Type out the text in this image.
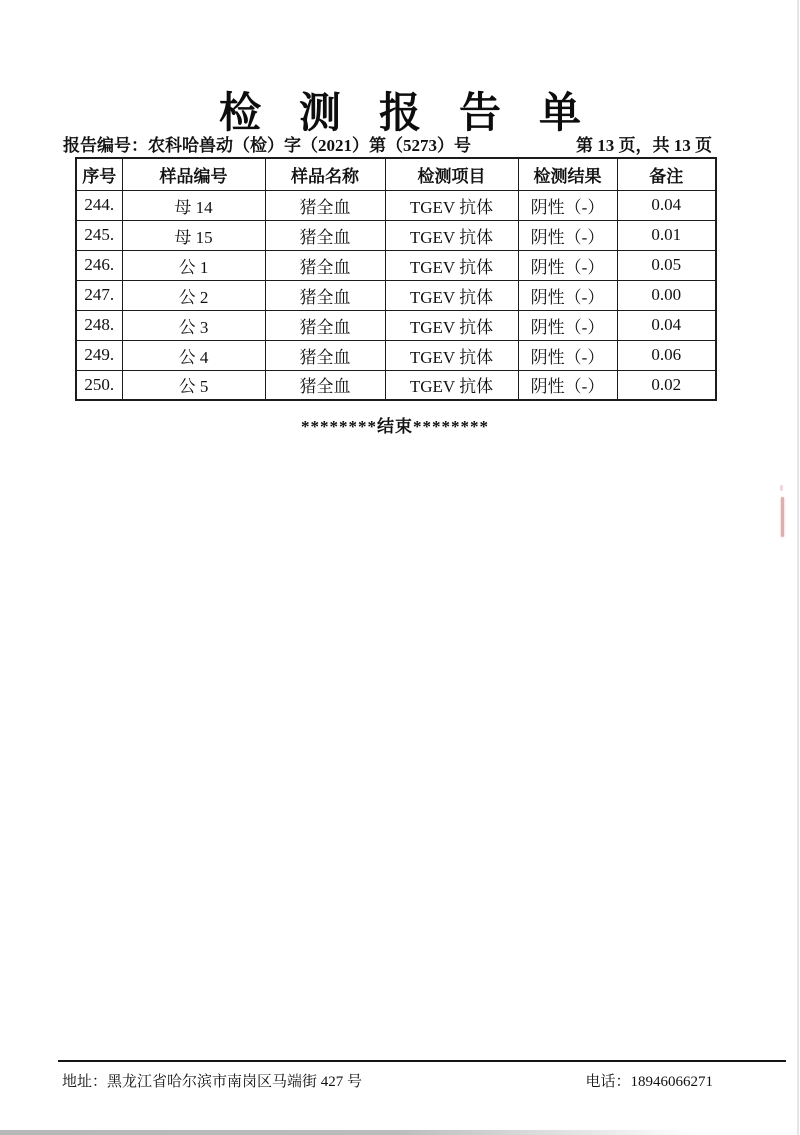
检测报告单
报告编号：农科哈兽动（检）字（2021）第（5273）号	第 13 页，共 13 页
序号	样品编号	样品名称	检测项目	检测结果	备注
244.	母 14	猪全血	TGEV 抗体	阴性（-）	0.04
245.	母 15	猪全血	TGEV 抗体	阴性（-）	0.01
246.	公 1	猪全血	TGEV 抗体	阴性（-）	0.05
247.	公 2	猪全血	TGEV 抗体	阴性（-）	0.00
248.	公 3	猪全血	TGEV 抗体	阴性（-）	0.04
249.	公 4	猪全血	TGEV 抗体	阴性（-）	0.06
250.	公 5	猪全血	TGEV 抗体	阴性（-）	0.02
********结束********
地址：黑龙江省哈尔滨市南岗区马端街 427 号	电话：18946066271
